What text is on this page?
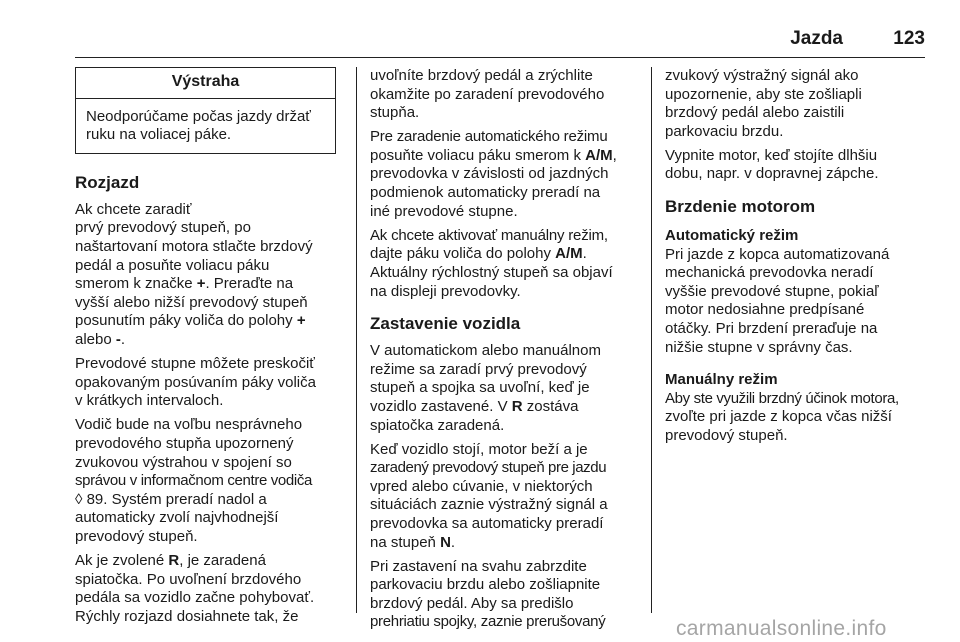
Jazda	123
Výstraha
Neodporúčame počas jazdy držať
ruku na voliacej páke.
Rozjazd

Ak chcete zaradiť
prvý prevodový stupeň, po
naštartovaní motora stlačte brzdový
pedál a posuňte voliacu páku
smerom k značke +. Preraďte na
vyšší alebo nižší prevodový stupeň
posunutím páky voliča do polohy +
alebo -.

Prevodové stupne môžete preskočiť
opakovaným posúvaním páky voliča
v krátkych intervaloch.

Vodič bude na voľbu nesprávneho
prevodového stupňa upozornený
zvukovou výstrahou v spojení so
správou v informačnom centre vodiča
◊ 89. Systém preradí nadol a
automaticky zvolí najvhodnejší
prevodový stupeň.

Ak je zvolené R, je zaradená
spiatočka. Po uvoľnení brzdového
pedála sa vozidlo začne pohybovať.
Rýchly rozjazd dosiahnete tak, že

uvoľníte brzdový pedál a zrýchlite
okamžite po zaradení prevodového
stupňa.

Pre zaradenie automatického režimu
posuňte voliacu páku smerom k A/M,
prevodovka v závislosti od jazdných
podmienok automaticky preradí na
iné prevodové stupne.

Ak chcete aktivovať manuálny režim,
dajte páku voliča do polohy A/M.
Aktuálny rýchlostný stupeň sa objaví
na displeji prevodovky.

Zastavenie vozidla

V automatickom alebo manuálnom
režime sa zaradí prvý prevodový
stupeň a spojka sa uvoľní, keď je
vozidlo zastavené. V R zostáva
spiatočka zaradená.

Keď vozidlo stojí, motor beží a je
zaradený prevodový stupeň pre jazdu
vpred alebo cúvanie, v niektorých
situáciách zaznie výstražný signál a
prevodovka sa automaticky preradí
na stupeň N.

Pri zastavení na svahu zabrzdite
parkovaciu brzdu alebo zošliapnite
brzdový pedál. Aby sa predišlo
prehriatiu spojky, zaznie prerušovaný

zvukový výstražný signál ako
upozornenie, aby ste zošliapli
brzdový pedál alebo zaistili
parkovaciu brzdu.

Vypnite motor, keď stojíte dlhšiu
dobu, napr. v dopravnej zápche.

Brzdenie motorom
Automatický režim

Pri jazde z kopca automatizovaná
mechanická prevodovka neradí
vyššie prevodové stupne, pokiaľ
motor nedosiahne predpísané
otáčky. Pri brzdení preraďuje na
nižšie stupne v správny čas.

Manuálny režim

Aby ste využili brzdný účinok motora,
zvoľte pri jazde z kopca včas nižší
prevodový stupeň.

carmanualsonline.info
